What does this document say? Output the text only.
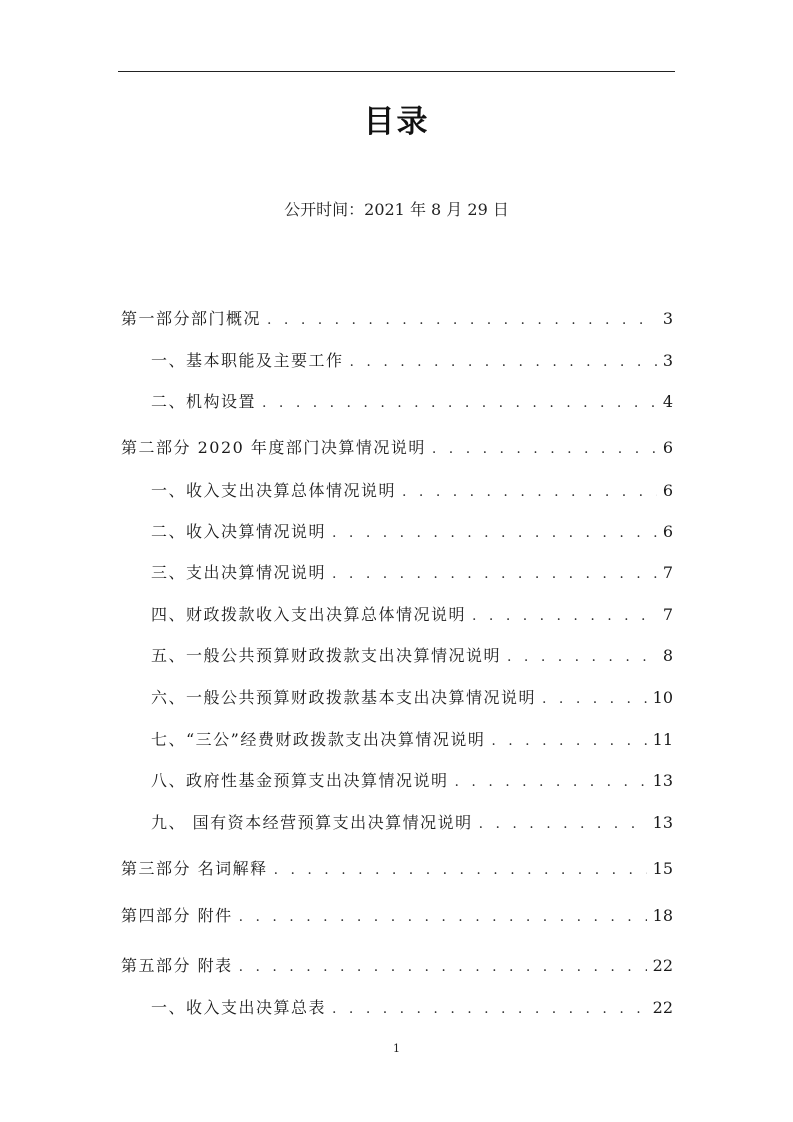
目录
公开时间：2021 年 8 月 29 日
第一部分部门概况 . . .	3
一、基本职能及主要工作 . . .	3
二、机构设置 . . .	4
第二部分 2020 年度部门决算情况说明 . . .	6
一、收入支出决算总体情况说明 . . .	6
二、收入决算情况说明 . . .	6
三、支出决算情况说明 . . .	7
四、财政拨款收入支出决算总体情况说明 . . .	7
五、一般公共预算财政拨款支出决算情况说明 . . .	8
六、一般公共预算财政拨款基本支出决算情况说明 . . .	10
七、“三公”经费财政拨款支出决算情况说明 . . .	11
八、政府性基金预算支出决算情况说明 . . .	13
九、 国有资本经营预算支出决算情况说明 . . .	13
第三部分 名词解释 . . .	15
第四部分 附件 . . .	18
第五部分 附表 . . .	22
一、收入支出决算总表 . . .	22
1
